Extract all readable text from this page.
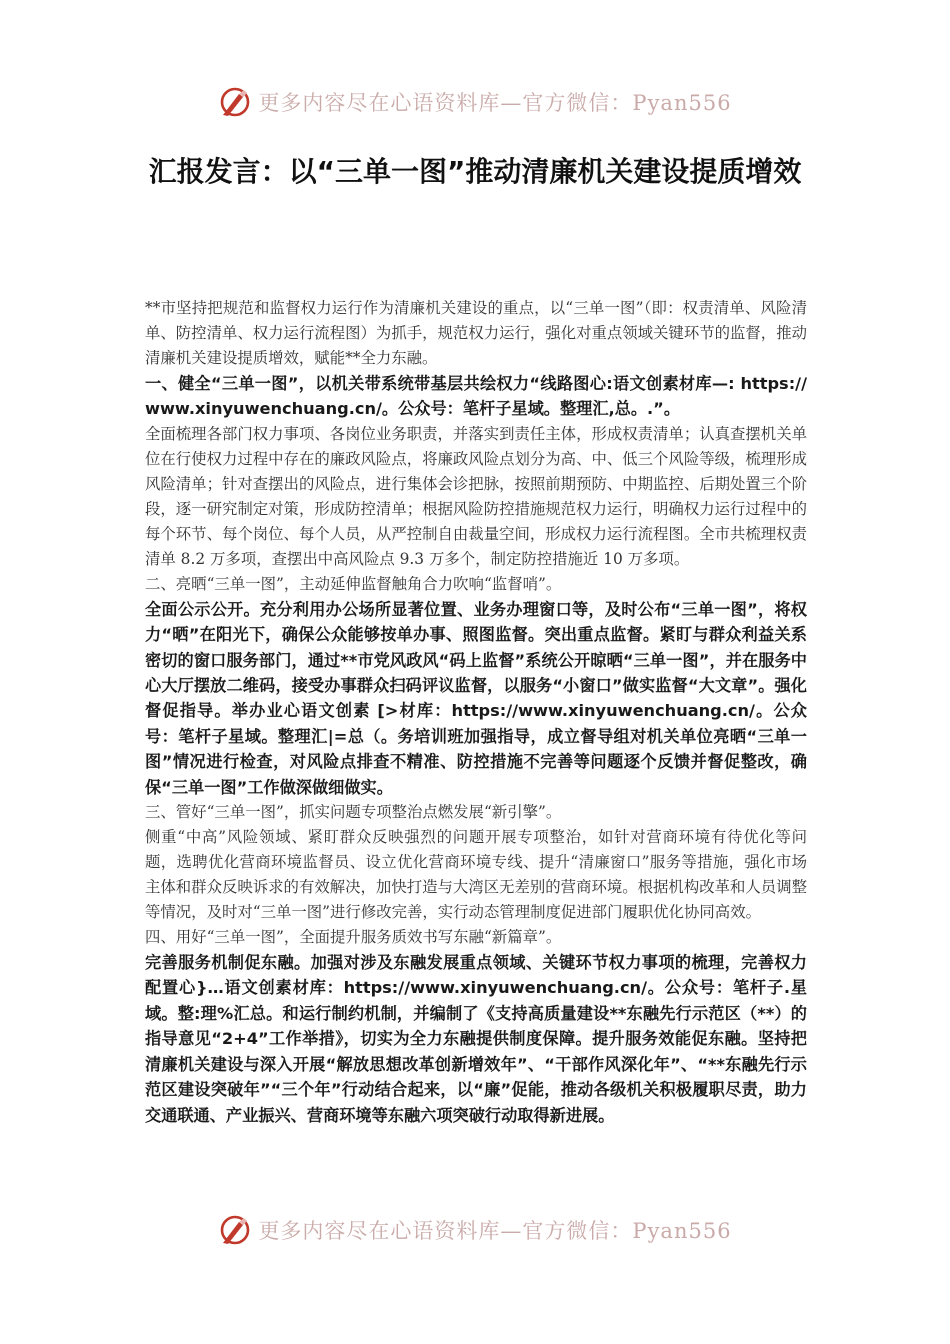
更多内容尽在心语资料库—官方微信：Pyan556
汇报发言：以“三单一图”推动清廉机关建设提质增效

**市坚持把规范和监督权力运行作为清廉机关建设的重点，以“三单一图”（即：权责清单、风险清单、防控清单、权力运行流程图）为抓手，规范权力运行，强化对重点领域关键环节的监督，推动清廉机关建设提质增效，赋能**全力东融。

一、健全“三单一图”，以机关带系统带基层共绘权力“线路图心:语文创素材库—: https://www.xinyuwenchuang.cn/。公众号：笔杆子星域。整理汇,总。.”。

全面梳理各部门权力事项、各岗位业务职责，并落实到责任主体，形成权责清单；认真查摆机关单位在行使权力过程中存在的廉政风险点，将廉政风险点划分为高、中、低三个风险等级，梳理形成风险清单；针对查摆出的风险点，进行集体会诊把脉，按照前期预防、中期监控、后期处置三个阶段，逐一研究制定对策，形成防控清单；根据风险防控措施规范权力运行，明确权力运行过程中的每个环节、每个岗位、每个人员，从严控制自由裁量空间，形成权力运行流程图。全市共梳理权责清单 8.2 万多项，查摆出中高风险点 9.3 万多个，制定防控措施近 10 万多项。

二、亮晒“三单一图”，主动延伸监督触角合力吹响“监督哨”。

全面公示公开。充分利用办公场所显著位置、业务办理窗口等，及时公布“三单一图”，将权力“晒”在阳光下，确保公众能够按单办事、照图监督。突出重点监督。紧盯与群众利益关系密切的窗口服务部门，通过**市党风政风“码上监督”系统公开晾晒“三单一图”，并在服务中心大厅摆放二维码，接受办事群众扫码评议监督，以服务“小窗口”做实监督“大文章”。强化督促指导。举办业心语文创素 [>材库：https://www.xinyuwenchuang.cn/。公众号：笔杆子星域。整理汇|=总（。务培训班加强指导，成立督导组对机关单位亮晒“三单一图”情况进行检查，对风险点排查不精准、防控措施不完善等问题逐个反馈并督促整改，确保“三单一图”工作做深做细做实。

三、管好“三单一图”，抓实问题专项整治点燃发展“新引擎”。

侧重“中高”风险领域、紧盯群众反映强烈的问题开展专项整治，如针对营商环境有待优化等问题，选聘优化营商环境监督员、设立优化营商环境专线、提升“清廉窗口”服务等措施，强化市场主体和群众反映诉求的有效解决，加快打造与大湾区无差别的营商环境。根据机构改革和人员调整等情况，及时对“三单一图”进行修改完善，实行动态管理制度促进部门履职优化协同高效。

四、用好“三单一图”，全面提升服务质效书写东融“新篇章”。

完善服务机制促东融。加强对涉及东融发展重点领域、关键环节权力事项的梳理，完善权力配置心}…语文创素材库：https://www.xinyuwenchuang.cn/。公众号：笔杆子.星域。整:理%汇总。和运行制约机制，并编制了《支持高质量建设**东融先行示范区（**）的指导意见“2+4”工作举措》，切实为全力东融提供制度保障。提升服务效能促东融。坚持把清廉机关建设与深入开展“解放思想改革创新增效年”、“干部作风深化年”、“**东融先行示范区建设突破年”“三个年”行动结合起来，以“廉”促能，推动各级机关积极履职尽责，助力交通联通、产业振兴、营商环境等东融六项突破行动取得新进展。

更多内容尽在心语资料库—官方微信：Pyan556
